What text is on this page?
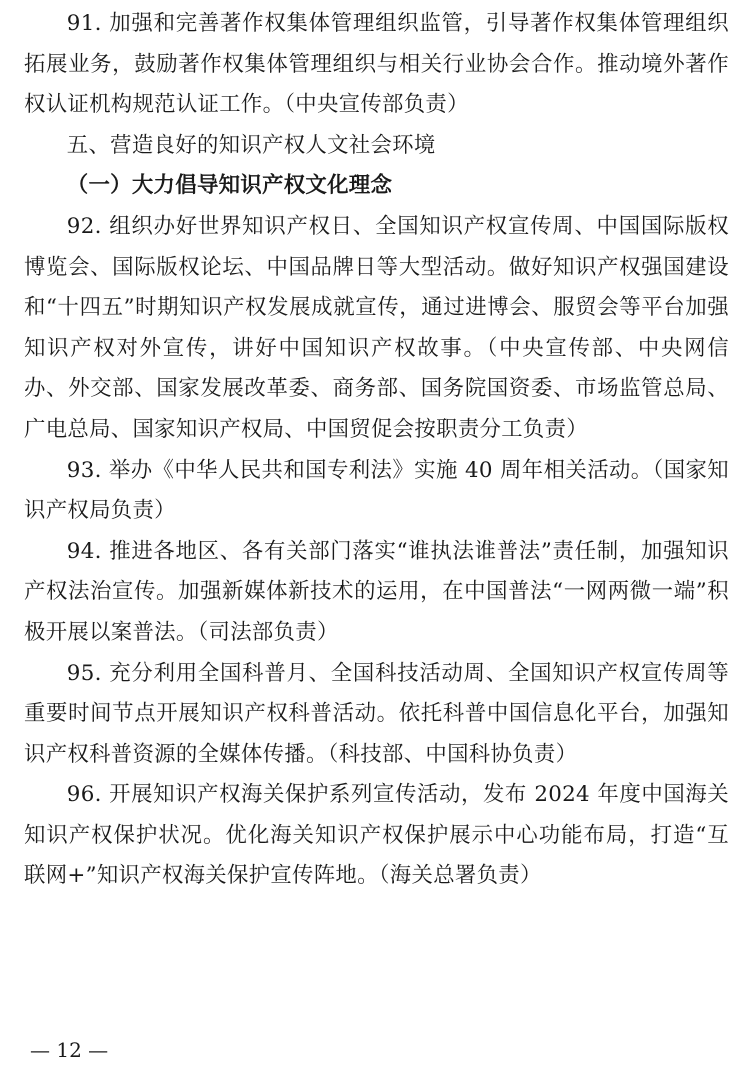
91. 加强和完善著作权集体管理组织监管，引导著作权集体管理组织拓展业务，鼓励著作权集体管理组织与相关行业协会合作。推动境外著作权认证机构规范认证工作。（中央宣传部负责）

五、营造良好的知识产权人文社会环境
（一）大力倡导知识产权文化理念

92. 组织办好世界知识产权日、全国知识产权宣传周、中国国际版权博览会、国际版权论坛、中国品牌日等大型活动。做好知识产权强国建设和“十四五”时期知识产权发展成就宣传，通过进博会、服贸会等平台加强知识产权对外宣传，讲好中国知识产权故事。（中央宣传部、中央网信办、外交部、国家发展改革委、商务部、国务院国资委、市场监管总局、广电总局、国家知识产权局、中国贸促会按职责分工负责）

93. 举办《中华人民共和国专利法》实施 40 周年相关活动。（国家知识产权局负责）

94. 推进各地区、各有关部门落实“谁执法谁普法”责任制，加强知识产权法治宣传。加强新媒体新技术的运用，在中国普法“一网两微一端”积极开展以案普法。（司法部负责）

95. 充分利用全国科普月、全国科技活动周、全国知识产权宣传周等重要时间节点开展知识产权科普活动。依托科普中国信息化平台，加强知识产权科普资源的全媒体传播。（科技部、中国科协负责）

96. 开展知识产权海关保护系列宣传活动，发布 2024 年度中国海关知识产权保护状况。优化海关知识产权保护展示中心功能布局，打造“互联网+”知识产权海关保护宣传阵地。（海关总署负责）

— 12 —
